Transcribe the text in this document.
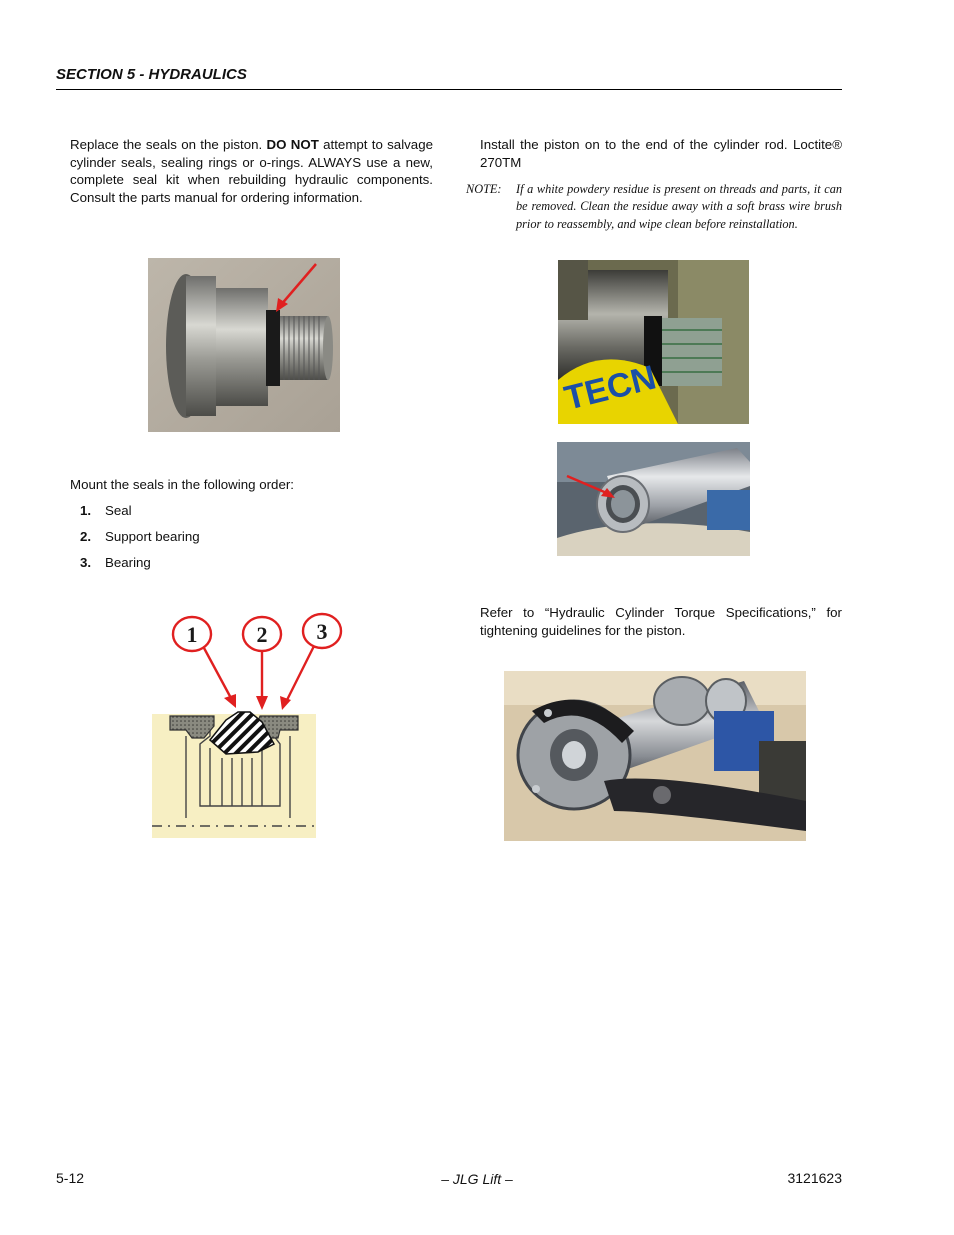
SECTION 5 - HYDRAULICS
Replace the seals on the piston. DO NOT attempt to salvage cylinder seals, sealing rings or o-rings. ALWAYS use a new, complete seal kit when rebuilding hydraulic components. Consult the parts manual for ordering information.
Mount the seals in the following order:
1. Seal
2. Support bearing
3. Bearing
1	2 3
Install the piston on to the end of the cylinder rod. Loctite® 270TM
NOTE: If a white powdery residue is present on threads and parts, it can be removed. Clean the residue away with a soft brass wire brush prior to reassembly, and wipe clean before reinstallation.
TECN
Refer to “Hydraulic Cylinder Torque Specifications,” for tightening guidelines for the piston.
5-12	– JLG Lift –	3121623
